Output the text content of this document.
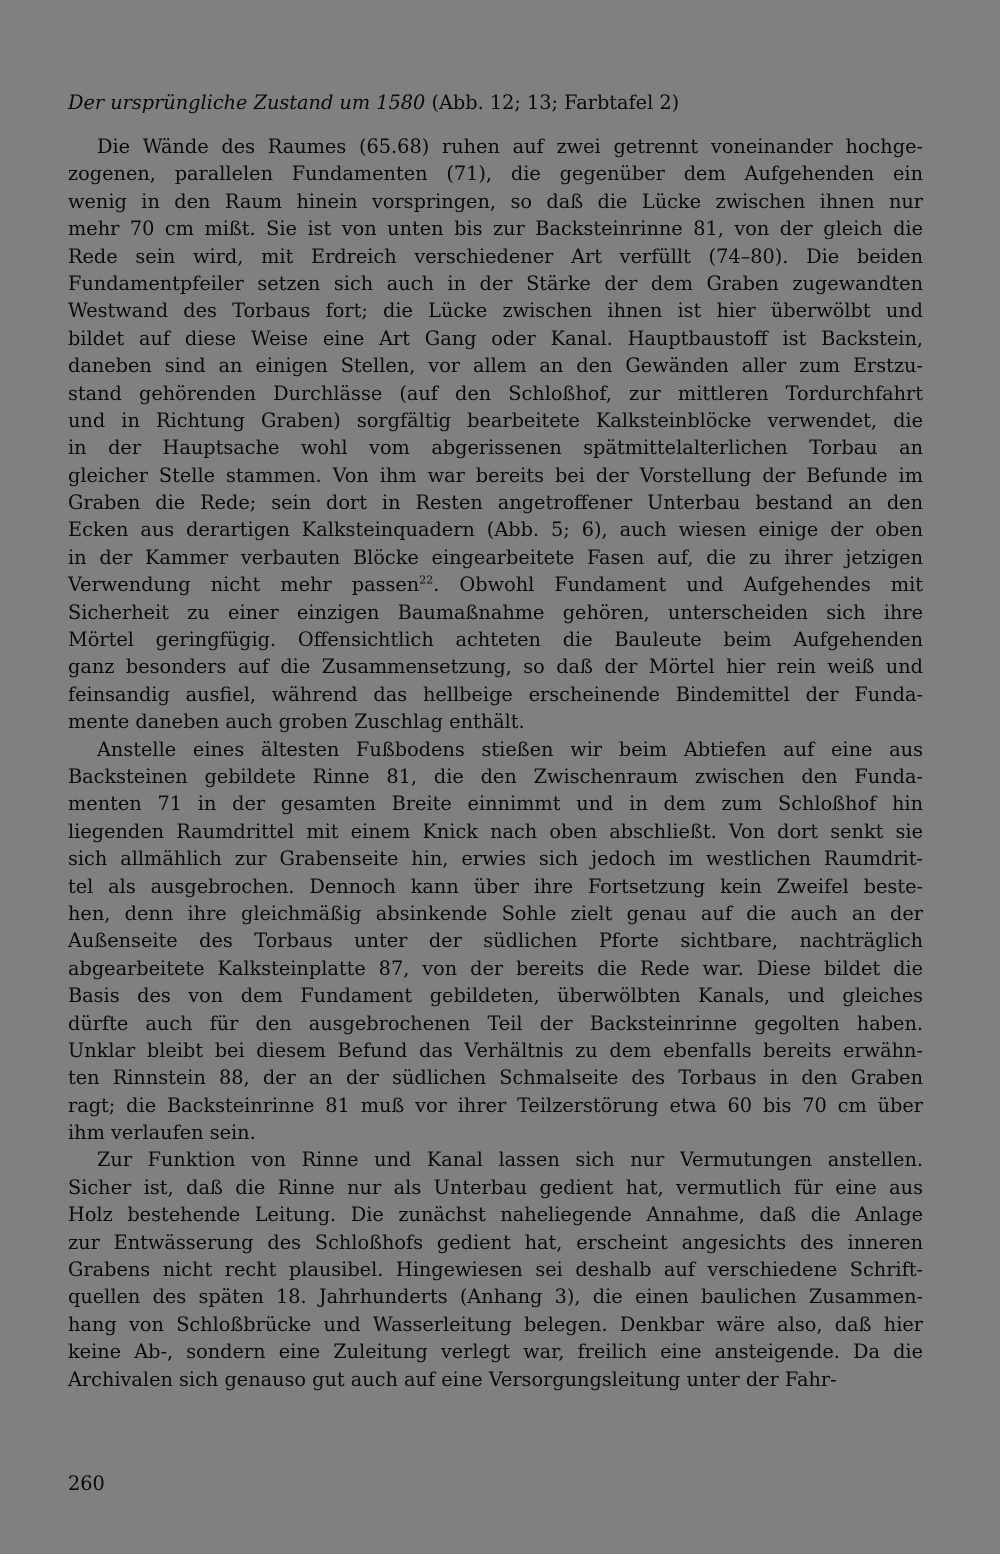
Der ursprüngliche Zustand um 1580 (Abb. 12; 13; Farbtafel 2)
Die Wände des Raumes (65.68) ruhen auf zwei getrennt voneinander hochge-
zogenen, parallelen Fundamenten (71), die gegenüber dem Aufgehenden ein
wenig in den Raum hinein vorspringen, so daß die Lücke zwischen ihnen nur
mehr 70 cm mißt. Sie ist von unten bis zur Backsteinrinne 81, von der gleich die
Rede sein wird, mit Erdreich verschiedener Art verfüllt (74–80). Die beiden
Fundamentpfeiler setzen sich auch in der Stärke der dem Graben zugewandten
Westwand des Torbaus fort; die Lücke zwischen ihnen ist hier überwölbt und
bildet auf diese Weise eine Art Gang oder Kanal. Hauptbaustoff ist Backstein,
daneben sind an einigen Stellen, vor allem an den Gewänden aller zum Erstzu-
stand gehörenden Durchlässe (auf den Schloßhof, zur mittleren Tordurchfahrt
und in Richtung Graben) sorgfältig bearbeitete Kalksteinblöcke verwendet, die
in der Hauptsache wohl vom abgerissenen spätmittelalterlichen Torbau an
gleicher Stelle stammen. Von ihm war bereits bei der Vorstellung der Befunde im
Graben die Rede; sein dort in Resten angetroffener Unterbau bestand an den
Ecken aus derartigen Kalksteinquadern (Abb. 5; 6), auch wiesen einige der oben
in der Kammer verbauten Blöcke eingearbeitete Fasen auf, die zu ihrer jetzigen
Verwendung nicht mehr passen$^{22}$. Obwohl Fundament und Aufgehendes mit
Sicherheit zu einer einzigen Baumaßnahme gehören, unterscheiden sich ihre
Mörtel geringfügig. Offensichtlich achteten die Bauleute beim Aufgehenden
ganz besonders auf die Zusammensetzung, so daß der Mörtel hier rein weiß und
feinsandig ausfiel, während das hellbeige erscheinende Bindemittel der Funda-
mente daneben auch groben Zuschlag enthält.
Anstelle eines ältesten Fußbodens stießen wir beim Abtiefen auf eine aus
Backsteinen gebildete Rinne 81, die den Zwischenraum zwischen den Funda-
menten 71 in der gesamten Breite einnimmt und in dem zum Schloßhof hin
liegenden Raumdrittel mit einem Knick nach oben abschließt. Von dort senkt sie
sich allmählich zur Grabenseite hin, erwies sich jedoch im westlichen Raumdrit-
tel als ausgebrochen. Dennoch kann über ihre Fortsetzung kein Zweifel beste-
hen, denn ihre gleichmäßig absinkende Sohle zielt genau auf die auch an der
Außenseite des Torbaus unter der südlichen Pforte sichtbare, nachträglich
abgearbeitete Kalksteinplatte 87, von der bereits die Rede war. Diese bildet die
Basis des von dem Fundament gebildeten, überwölbten Kanals, und gleiches
dürfte auch für den ausgebrochenen Teil der Backsteinrinne gegolten haben.
Unklar bleibt bei diesem Befund das Verhältnis zu dem ebenfalls bereits erwähn-
ten Rinnstein 88, der an der südlichen Schmalseite des Torbaus in den Graben
ragt; die Backsteinrinne 81 muß vor ihrer Teilzerstörung etwa 60 bis 70 cm über
ihm verlaufen sein.
Zur Funktion von Rinne und Kanal lassen sich nur Vermutungen anstellen.
Sicher ist, daß die Rinne nur als Unterbau gedient hat, vermutlich für eine aus
Holz bestehende Leitung. Die zunächst naheliegende Annahme, daß die Anlage
zur Entwässerung des Schloßhofs gedient hat, erscheint angesichts des inneren
Grabens nicht recht plausibel. Hingewiesen sei deshalb auf verschiedene Schrift-
quellen des späten 18. Jahrhunderts (Anhang 3), die einen baulichen Zusammen-
hang von Schloßbrücke und Wasserleitung belegen. Denkbar wäre also, daß hier
keine Ab-, sondern eine Zuleitung verlegt war, freilich eine ansteigende. Da die
Archivalen sich genauso gut auch auf eine Versorgungsleitung unter der Fahr-
260
